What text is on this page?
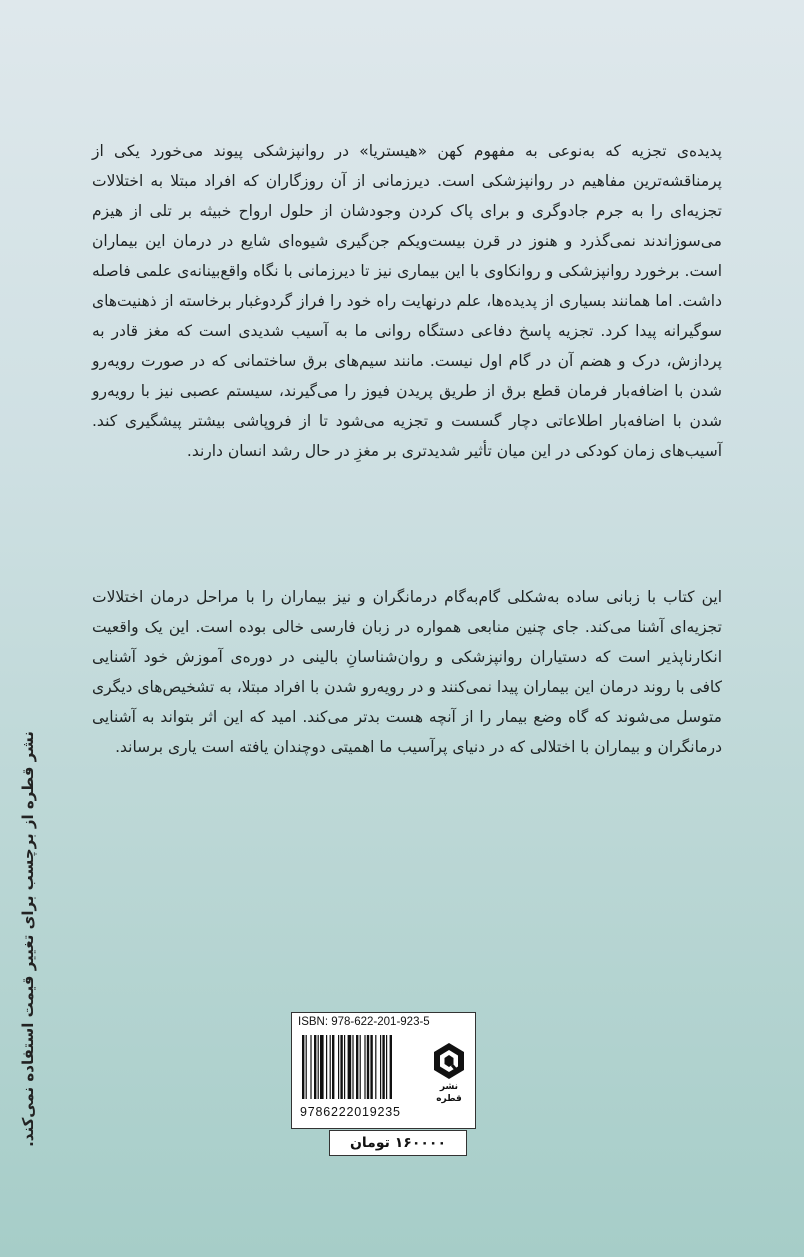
پدیده‌ی تجزیه که به‌نوعی به مفهوم کهن «هیستریا» در روانپزشکی پیوند می‌خورد یکی از پرمناقشه‌ترین مفاهیم در روانپزشکی است. دیرزمانی از آن روزگاران که افراد مبتلا به اختلالات تجزیه‌ای را به جرم جادوگری و برای پاک کردن وجودشان از حلول ارواح خبیثه بر تلی از هیزم می‌سوزاندند نمی‌گذرد و هنوز در قرن بیست‌ویکم جن‌گیری شیوه‌ای شایع در درمان این بیماران است. برخورد روانپزشکی و روانکاوی با این بیماری نیز تا دیرزمانی با نگاه واقع‌بینانه‌ی علمی فاصله داشت. اما همانند بسیاری از پدیده‌ها، علم درنهایت راه خود را فراز گردوغبار برخاسته از ذهنیت‌های سوگیرانه پیدا کرد. تجزیه پاسخ دفاعی دستگاه روانی ما به آسیب شدیدی است که مغز قادر به پردازش، درک و هضم آن در گام اول نیست. مانند سیم‌های برق ساختمانی که در صورت رویه‌رو شدن با اضافه‌بار فرمان قطع برق از طریق پریدن فیوز را می‌گیرند، سیستم عصبی نیز با رویه‌رو شدن با اضافه‌بار اطلاعاتی دچار گسست و تجزیه می‌شود تا از فروپاشی بیشتر پیشگیری کند. آسیب‌های زمان کودکی در این میان تأثیر شدیدتری بر مغزِ در حال رشد انسان دارند.

این کتاب با زبانی ساده به‌شکلی گام‌به‌گام درمانگران و نیز بیماران را با مراحل درمان اختلالات تجزیه‌ای آشنا می‌کند. جای چنین منابعی همواره در زبان فارسی خالی بوده است. این یک واقعیت انکارناپذیر است که دستیاران روانپزشکی و روان‌شناسانِ بالینی در دوره‌ی آموزش خود آشنایی کافی با روند درمان این بیماران پیدا نمی‌کنند و در رویه‌رو شدن با افراد مبتلا، به تشخیص‌های دیگری متوسل می‌شوند که گاه وضع بیمار را از آنچه هست بدتر می‌کند. امید که این اثر بتواند به آشنایی درمانگران و بیماران با اختلالی که در دنیای پرآسیب ما اهمیتی دوچندان یافته است یاری برساند.

نشر قطره از برچسب برای تغییر قیمت استفاده نمی‌کند.	ISBN: 978-622-201-923-5
9786222019235
نشر قطره
۱۶۰۰۰۰ تومان
